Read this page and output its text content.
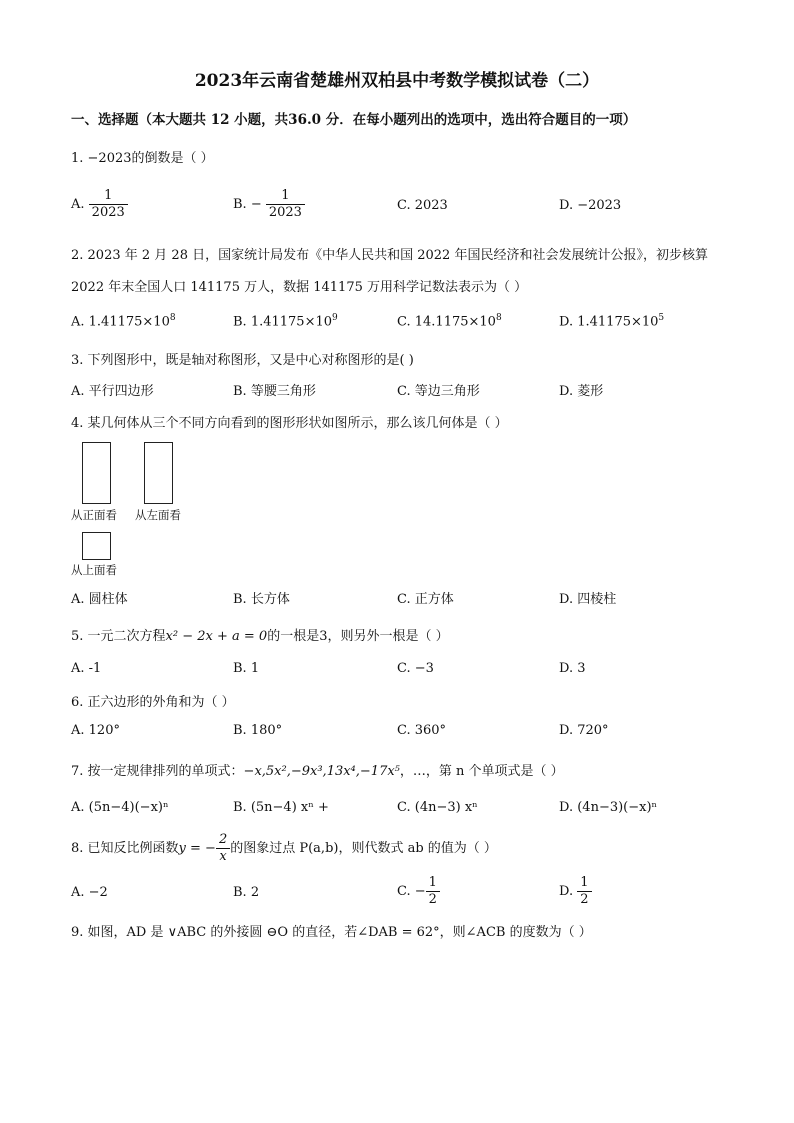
2023年云南省楚雄州双柏县中考数学模拟试卷（二）
一、选择题（本大题共 12 小题，共36.0 分．在每小题列出的选项中，选出符合题目的一项）
1. −2023的倒数是（ ）
A. $\frac{1}{2023}$	B. − $\frac{1}{2023}$	C. 2023	D. −2023
2. 2023 年 2 月 28 日，国家统计局发布《中华人民共和国 2022 年国民经济和社会发展统计公报》，初步核算
2022 年末全国人口 141175 万人，数据 141175 万用科学记数法表示为（ ）
A. $1.41175\times 10^8$	B. $1.41175\times 10^9$	C. $14.1175\times 10^8$	D. $1.41175\times 10^5$
3. 下列图形中，既是轴对称图形，又是中心对称图形的是( )
A. 平行四边形	B. 等腰三角形	C. 等边三角形	D. 菱形
4. 某几何体从三个不同方向看到的图形形状如图所示，那么该几何体是（ ）
从正面看 从左面看
从上面看
A. 圆柱体	B. 长方体	C. 正方体	D. 四棱柱
5. 一元二次方程x² − 2x + a = 0的一根是3，则另外一根是（ ）
A. -1	B. 1	C. −3	D. 3
6. 正六边形的外角和为（ ）
A. 120°	B. 180°	C. 360°	D. 720°
7. 按一定规律排列的单项式：−x,5x²,−9x³,13x⁴,−17x⁵，…，第 n 个单项式是（ ）
A. (5n−4)(−x)ⁿ	B. (5n−4) xⁿ +	C. (4n−3) xⁿ	D. (4n−3)(−x)ⁿ
8. 已知反比例函数y = − $\frac{2}{x}$ 的图象过点 P(a,b)，则代数式 ab 的值为（ ）
A. −2	B. 2	C. − $\frac{1}{2}$	D. $\frac{1}{2}$
9. 如图，AD 是 ∨ABC 的外接圆 ⊖O 的直径，若∠DAB = 62°，则∠ACB 的度数为（ ）
